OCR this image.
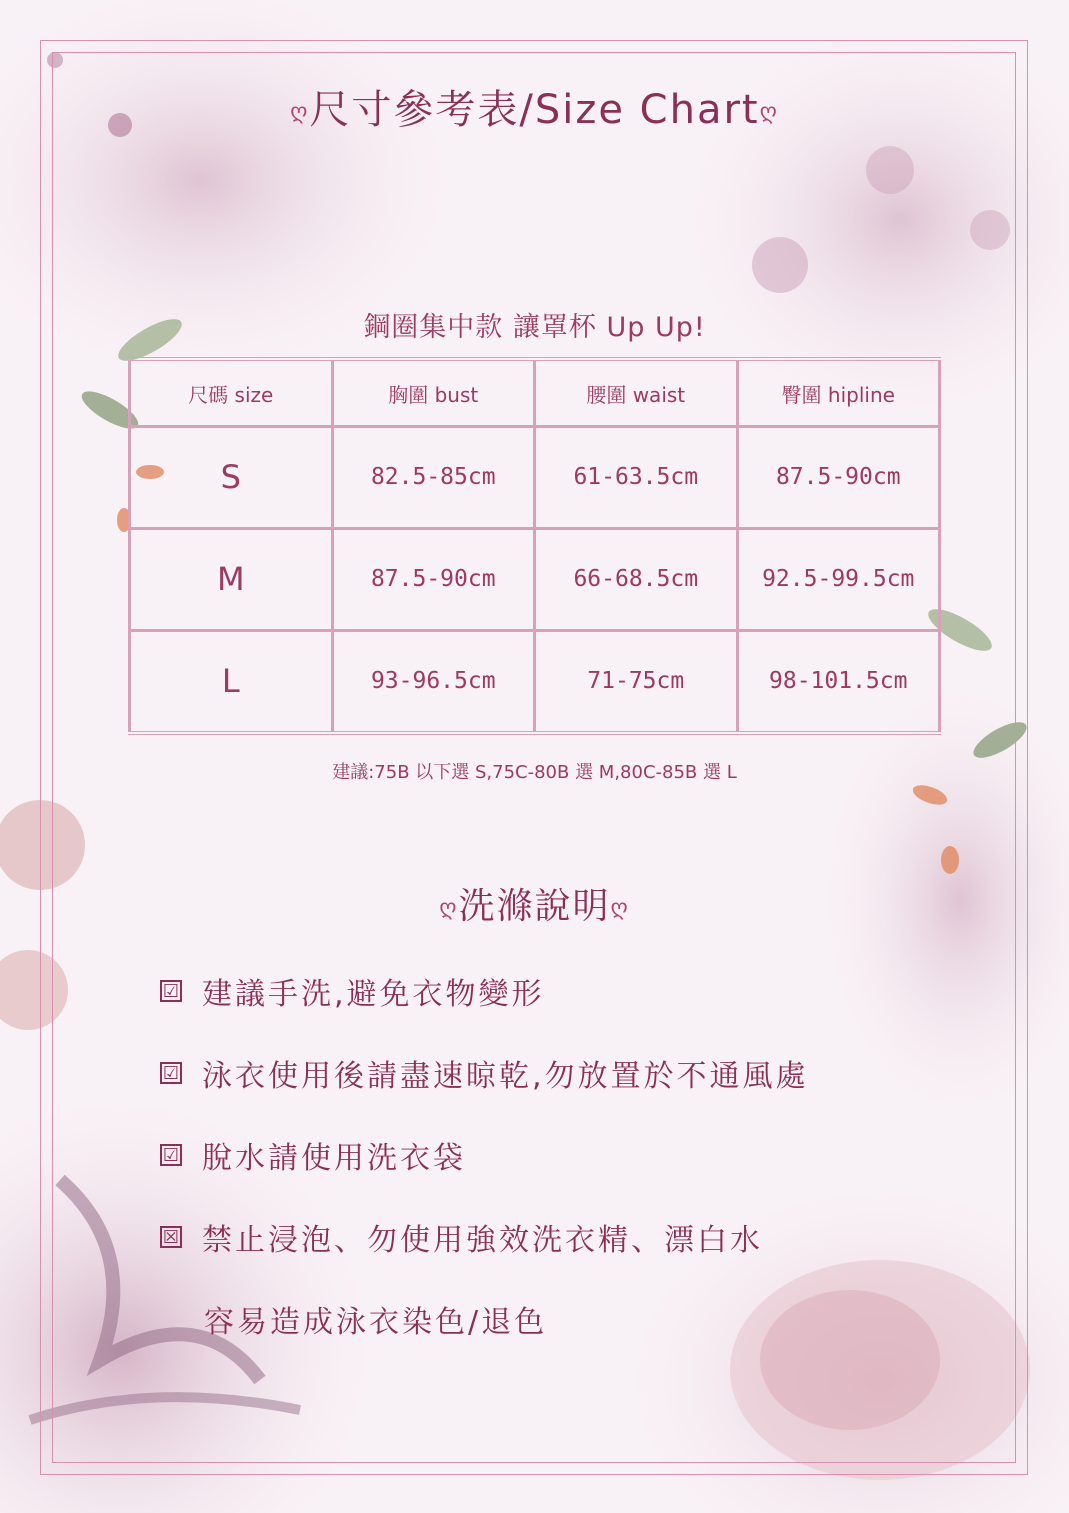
ღ尺寸參考表/Size Chartღ
鋼圈集中款 讓罩杯 Up Up!
尺碼 size	胸圍 bust	腰圍 waist	臀圍 hipline
S	82.5-85cm	61-63.5cm	87.5-90cm
M	87.5-90cm	66-68.5cm	92.5-99.5cm
L	93-96.5cm	71-75cm	98-101.5cm
建議:75B 以下選 S,75C-80B 選 M,80C-85B 選 L
ღ洗滌說明ღ
☑ 建議手洗,避免衣物變形
☑ 泳衣使用後請盡速晾乾,勿放置於不通風處
☑ 脫水請使用洗衣袋
☒ 禁止浸泡、勿使用強效洗衣精、漂白水
容易造成泳衣染色/退色
